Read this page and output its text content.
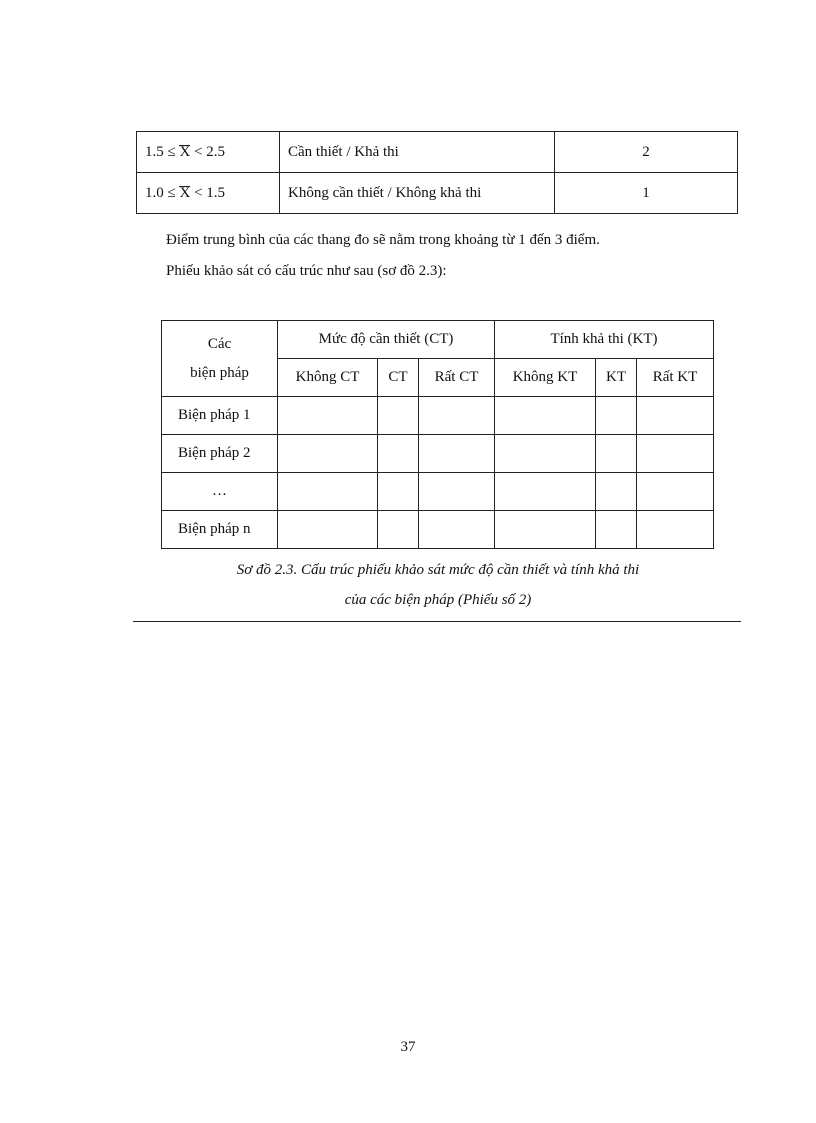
1.5 ≤ X < 2.5	Cần thiết / Khả thi	2
1.0 ≤ X < 1.5	Không cần thiết / Không khả thi	1
Điểm trung bình của các thang đo sẽ nằm trong khoảng từ 1 đến 3 điểm.
Phiếu khảo sát có cấu trúc như sau (sơ đồ 2.3):
Các
biện pháp	Mức độ cần thiết (CT)			Tính khả thi (KT)		
	Không CT	CT	Rất CT	Không KT	KT	Rất KT
Biện pháp 1						
Biện pháp 2						
…						
Biện pháp n						
Sơ đồ 2.3. Cấu trúc phiếu khảo sát mức độ cần thiết và tính khả thi
của các biện pháp (Phiếu số 2)
37
